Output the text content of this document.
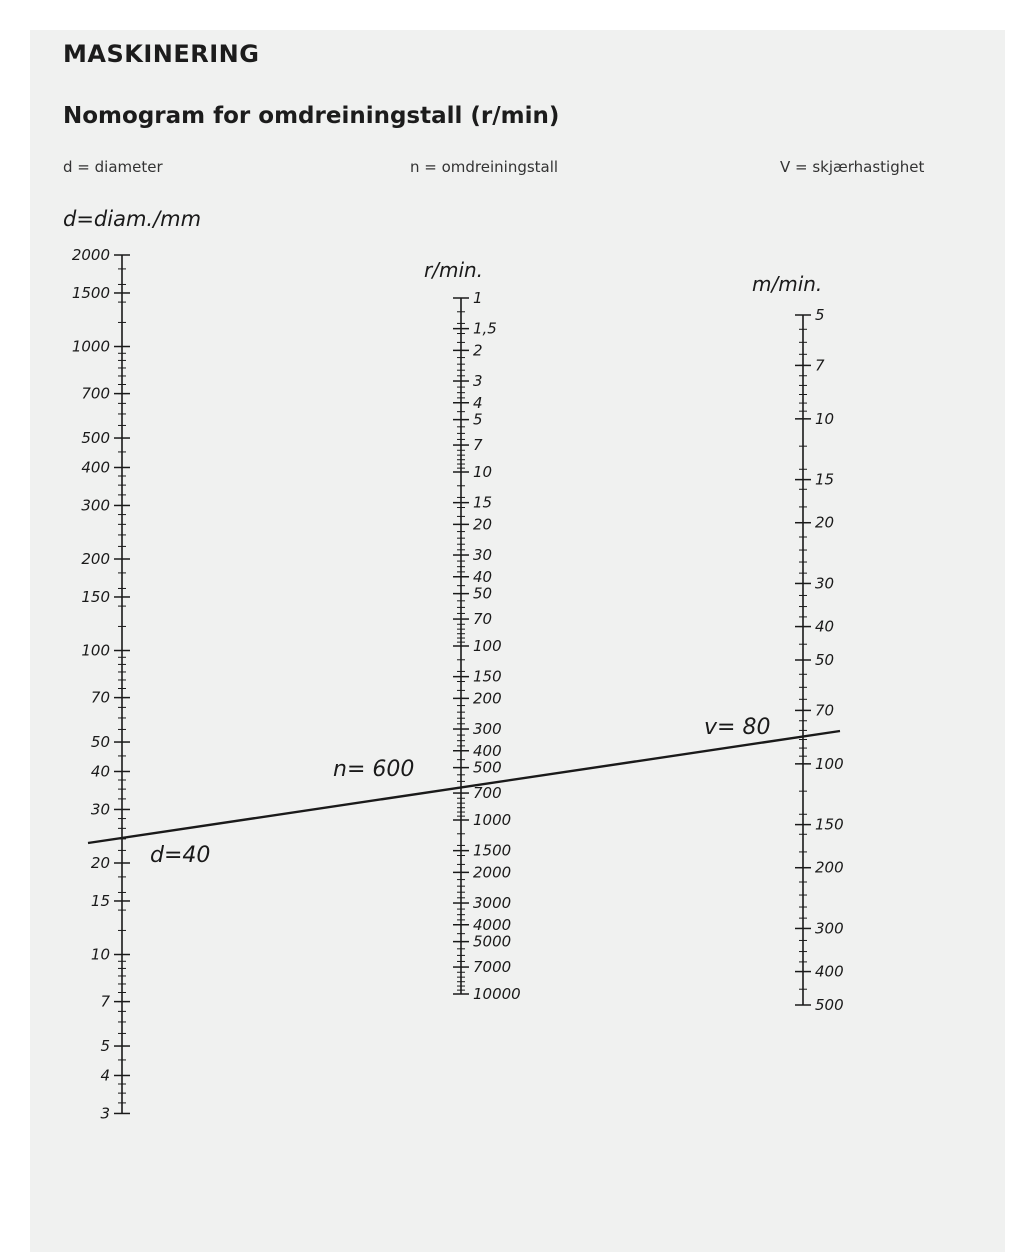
MASKINERING
Nomogram for omdreiningstall (r/min)
d = diameter	n = omdreiningstall	V = skjærhastighet
2000
1500
1000
700
500
400
300
200
150
100
70
50
40
30
20
15
10
7
5
4
3
1
1,5
2
3
4
5
7
10
15
20
30
40
50
70
100
150
200
300
400
500
700
1000
1500
2000
3000
4000
5000
7000
10000
5
7
10
15
20
30
40
50
70
100
150
200
300
400
500
d=diam./mm
r/min.
m/min.
d=40
n= 600
v= 80
